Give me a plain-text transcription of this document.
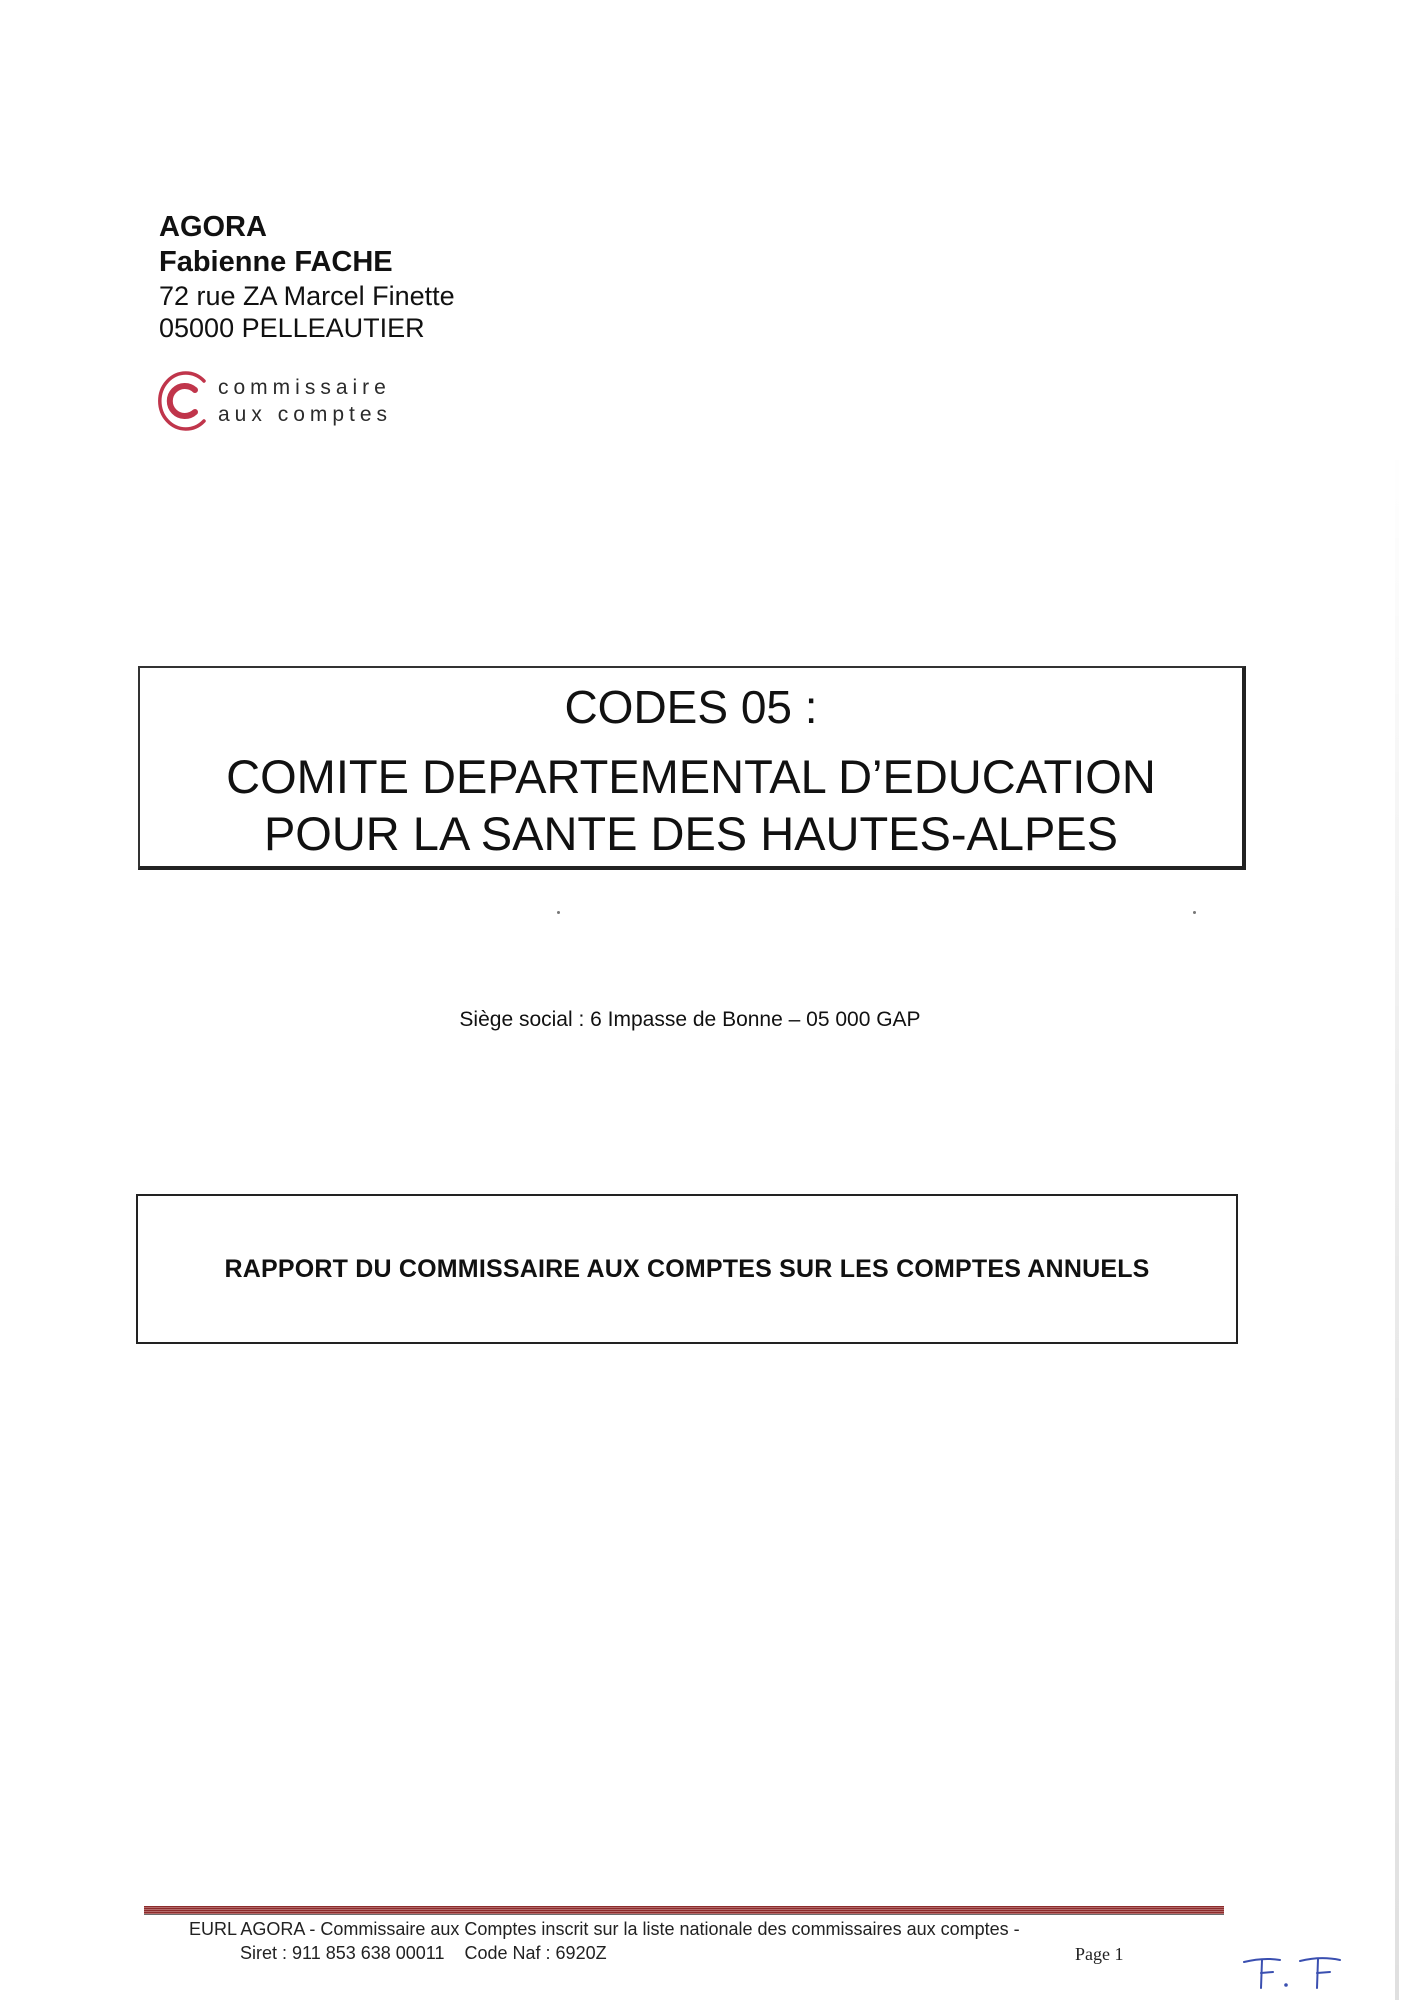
AGORA

Fabienne FACHE

72 rue ZA Marcel Finette

05000 PELLEAUTIER

commissaire
aux comptes
CODES 05 :
COMITE DEPARTEMENTAL D’EDUCATION
POUR LA SANTE DES HAUTES-ALPES
Siège social : 6 Impasse de Bonne – 05 000 GAP
RAPPORT DU COMMISSAIRE AUX COMPTES SUR LES COMPTES ANNUELS
EURL AGORA - Commissaire aux Comptes inscrit sur la liste nationale des commissaires aux comptes -
Siret : 911 853 638 00011 Code Naf : 6920Z	Page 1
